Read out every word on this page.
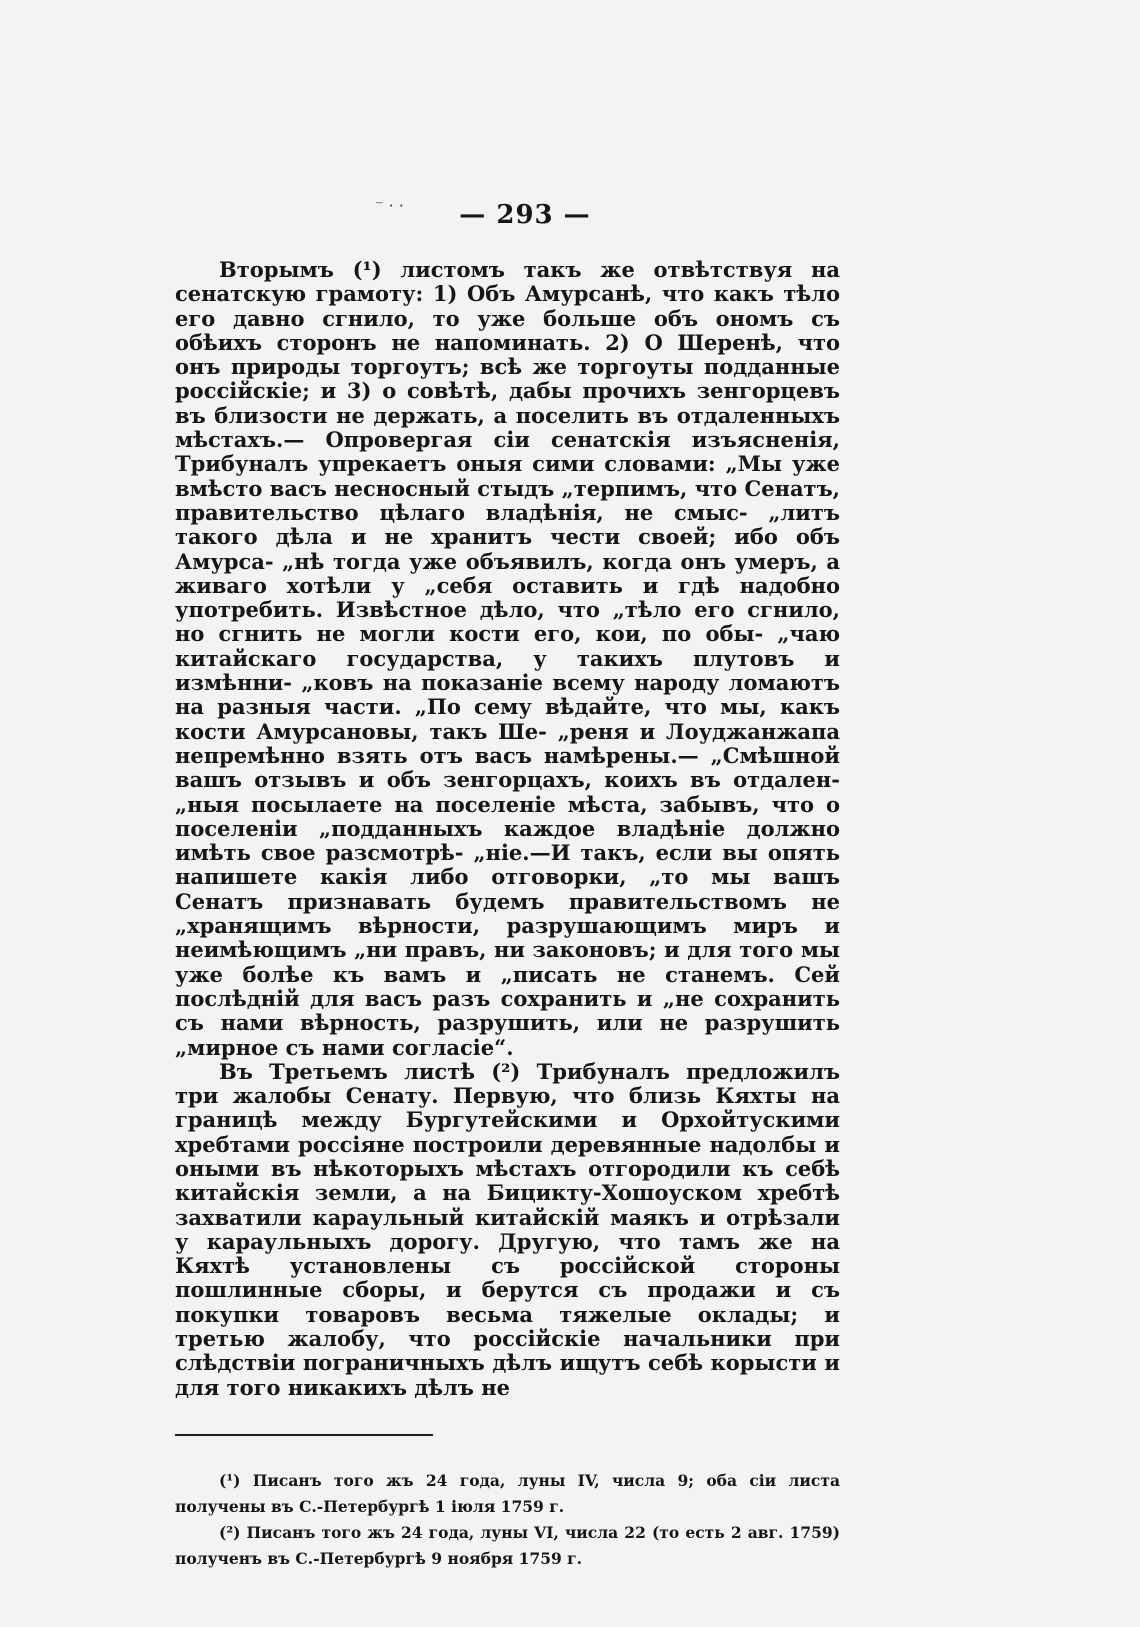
— 293 —
⁻ · ·

Вторымъ (¹) листомъ такъ же отвѣтствуя на сенатскую грамоту: 1) Объ Амурсанѣ, что какъ тѣло его давно сгнило, то уже больше объ ономъ съ обѣихъ сторонъ не напоминать. 2) О Шеренѣ, что онъ природы торгоутъ; всѣ же торгоуты подданные россійскіе; и 3) о совѣтѣ, дабы прочихъ зенгорцевъ въ близости не держать, а поселить въ отдаленныхъ мѣстахъ.— Опровергая сіи сенатскія изъясненія, Трибуналъ упрекаетъ оныя сими словами: „Мы уже вмѣсто васъ несносный стыдъ „терпимъ, что Сенатъ, правительство цѣлаго владѣнія, не смыс- „литъ такого дѣла и не хранитъ чести своей; ибо объ Амурса- „нѣ тогда уже объявилъ, когда онъ умеръ, а живаго хотѣли у „себя оставить и гдѣ надобно употребить. Извѣстное дѣло, что „тѣло его сгнило, но сгнить не могли кости его, кои, по обы- „чаю китайскаго государства, у такихъ плутовъ и измѣнни- „ковъ на показаніе всему народу ломаютъ на разныя части. „По сему вѣдайте, что мы, какъ кости Амурсановы, такъ Ше- „реня и Лоуджанжапа непремѣнно взять отъ васъ намѣрены.— „Смѣшной вашъ отзывъ и объ зенгорцахъ, коихъ въ отдален- „ныя посылаете на поселеніе мѣста, забывъ, что о поселеніи „подданныхъ каждое владѣніе должно имѣть свое разсмотрѣ- „ніе.—И такъ, если вы опять напишете какія либо отговорки, „то мы вашъ Сенатъ признавать будемъ правительствомъ не „хранящимъ вѣрности, разрушающимъ миръ и неимѣющимъ „ни правъ, ни законовъ; и для того мы уже болѣе къ вамъ и „писать не станемъ. Сей послѣдній для васъ разъ сохранить и „не сохранить съ нами вѣрность, разрушить, или не разрушить „мирное съ нами согласіе“.

Въ Третьемъ листѣ (²) Трибуналъ предложилъ три жалобы Сенату. Первую, что близь Кяхты на границѣ между Бургутейскими и Орхойтускими хребтами россіяне построили деревянные надолбы и оными въ нѣкоторыхъ мѣстахъ отгородили къ себѣ китайскія земли, а на Бицикту-Хошоуском хребтѣ захватили караульный китайскій маякъ и отрѣзали у караульныхъ дорогу. Другую, что тамъ же на Кяхтѣ установлены съ россійской стороны пошлинные сборы, и берутся съ продажи и съ покупки товаровъ весьма тяжелые оклады; и третью жалобу, что россійскіе начальники при слѣдствіи пограничныхъ дѣлъ ищутъ себѣ корысти и для того никакихъ дѣлъ не

(¹) Писанъ того жъ 24 года, луны IV, числа 9; оба сіи листа получены въ С.-Петербургѣ 1 іюля 1759 г.

(²) Писанъ того жъ 24 года, луны VI, числа 22 (то есть 2 авг. 1759) полученъ въ С.-Петербургѣ 9 ноября 1759 г.
